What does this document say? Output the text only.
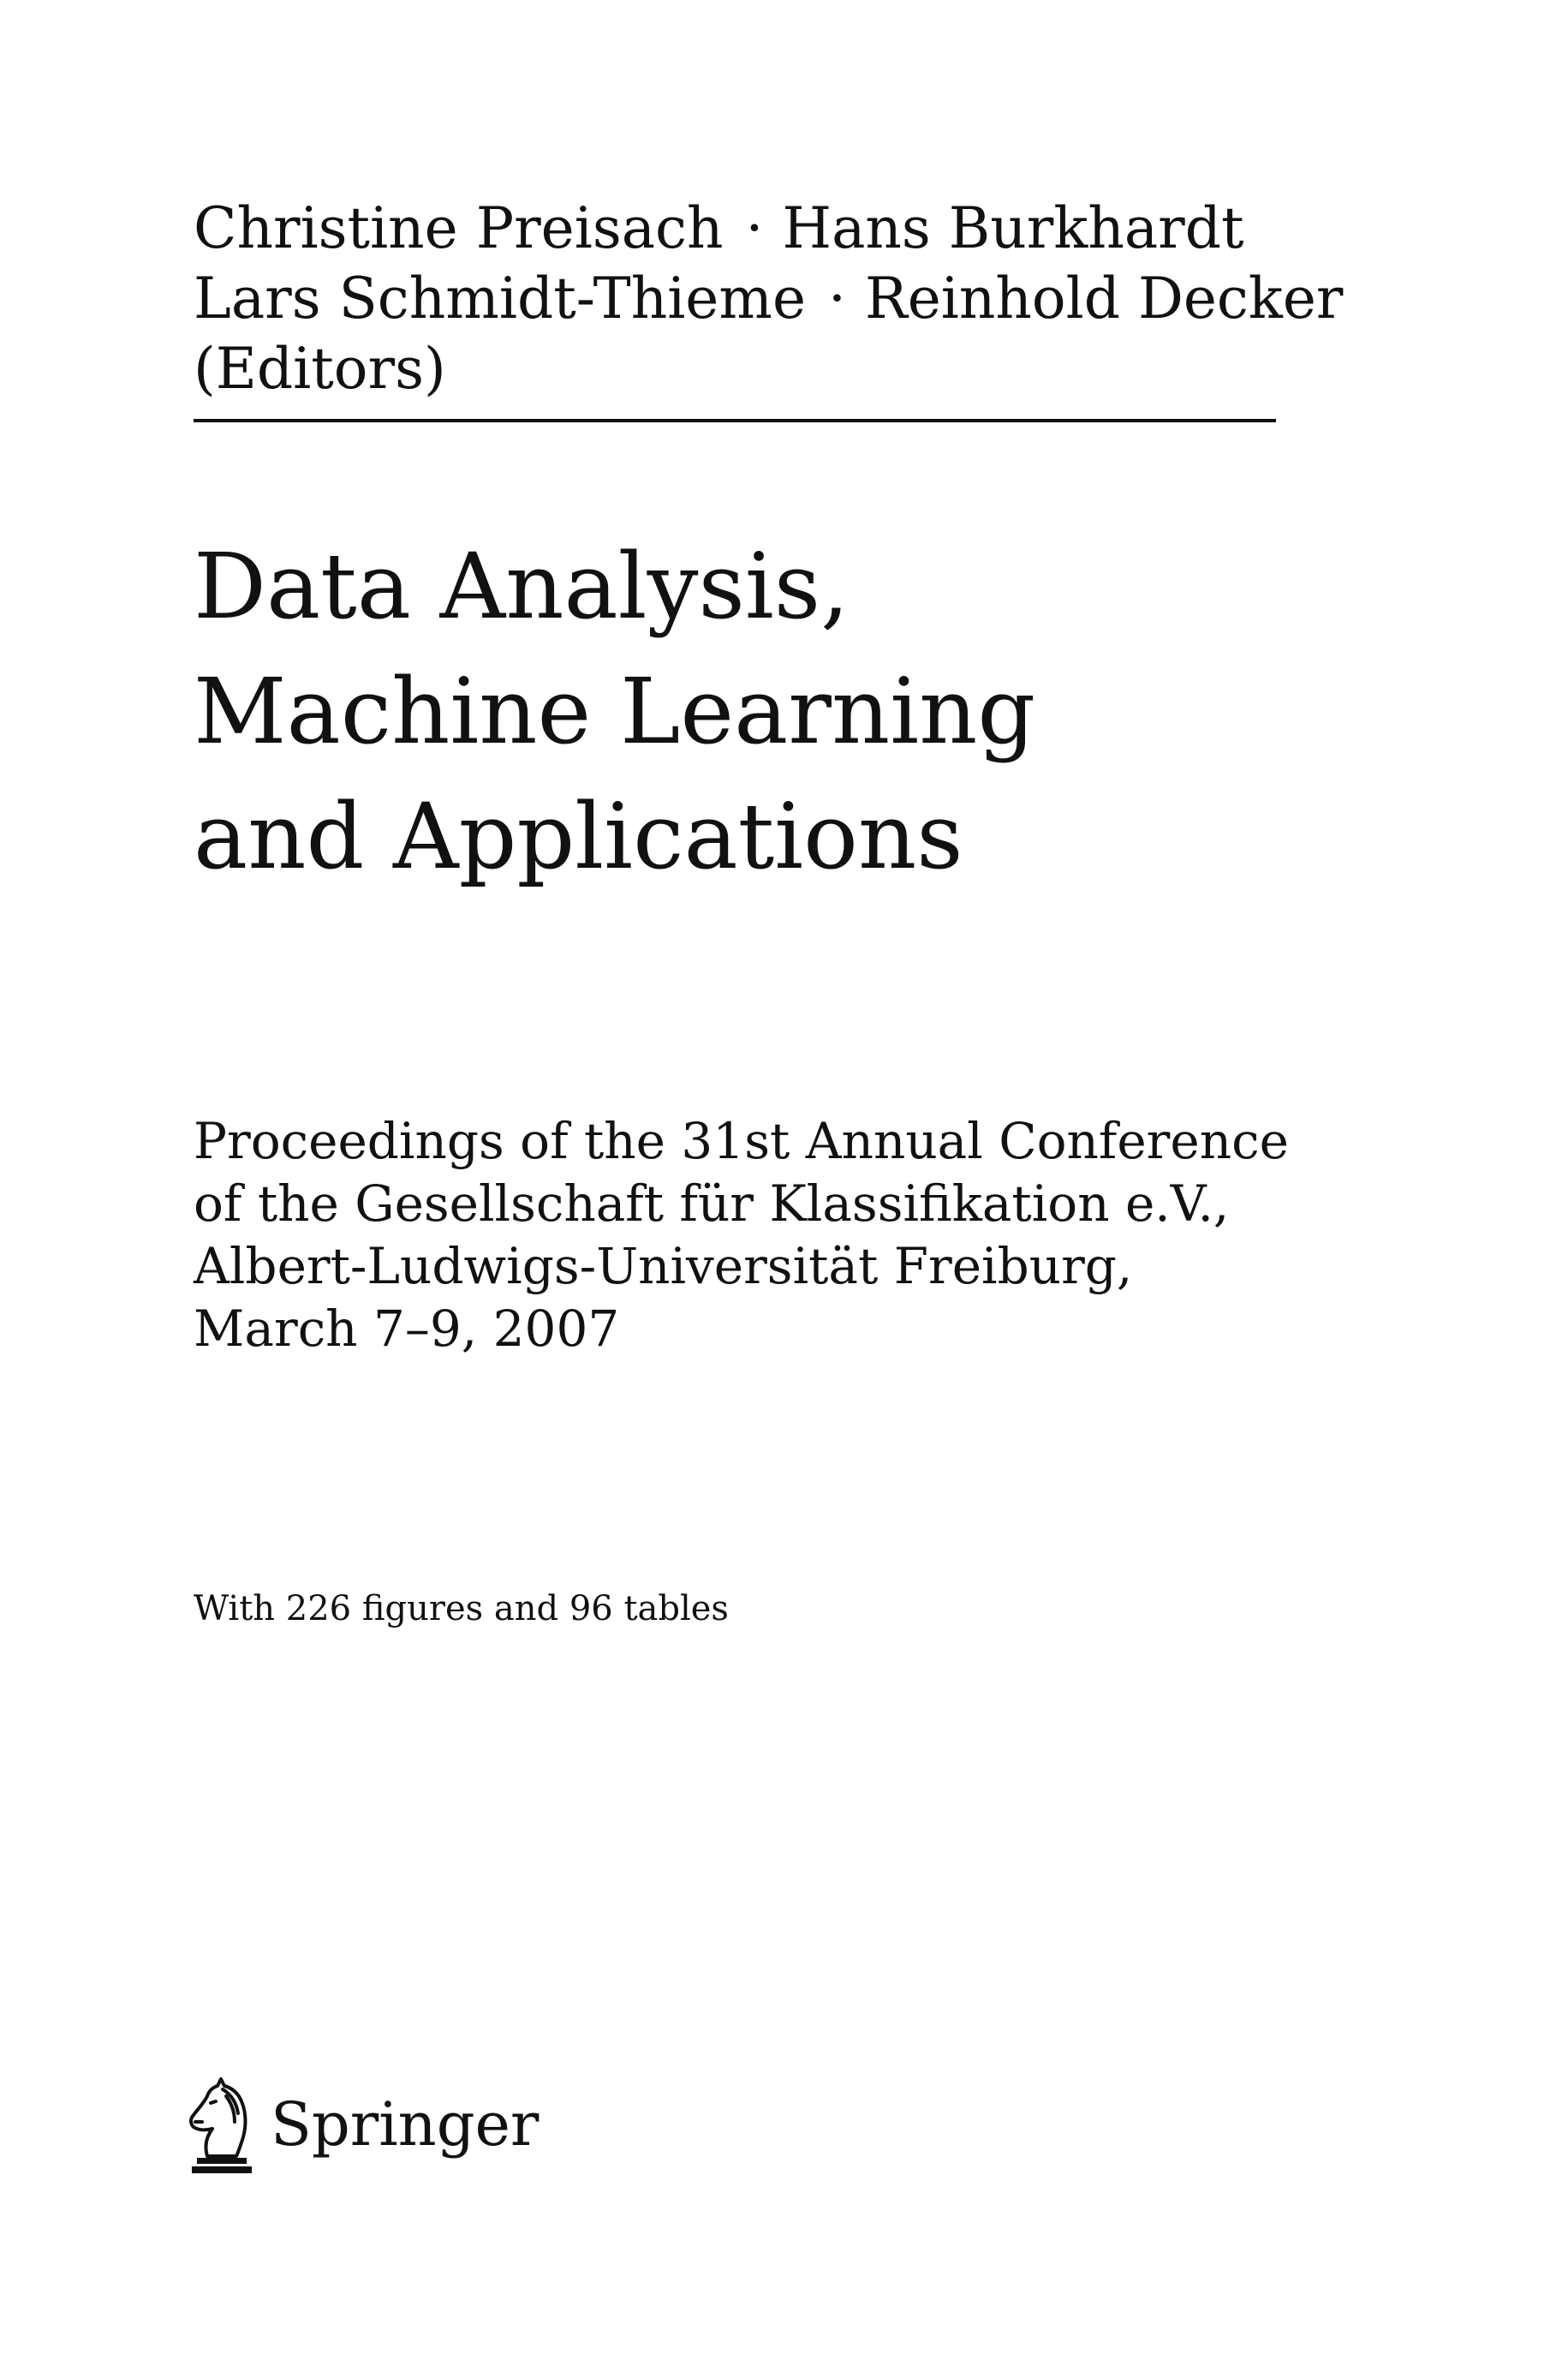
Christine Preisach · Hans Burkhardt
Lars Schmidt-Thieme · Reinhold Decker
(Editors)
Data Analysis,
Machine Learning
and Applications
Proceedings of the 31st Annual Conference
of the Gesellschaft für Klassifikation e.V.,
Albert-Ludwigs-Universität Freiburg,
March 7–9, 2007
With 226 figures and 96 tables
Springer
